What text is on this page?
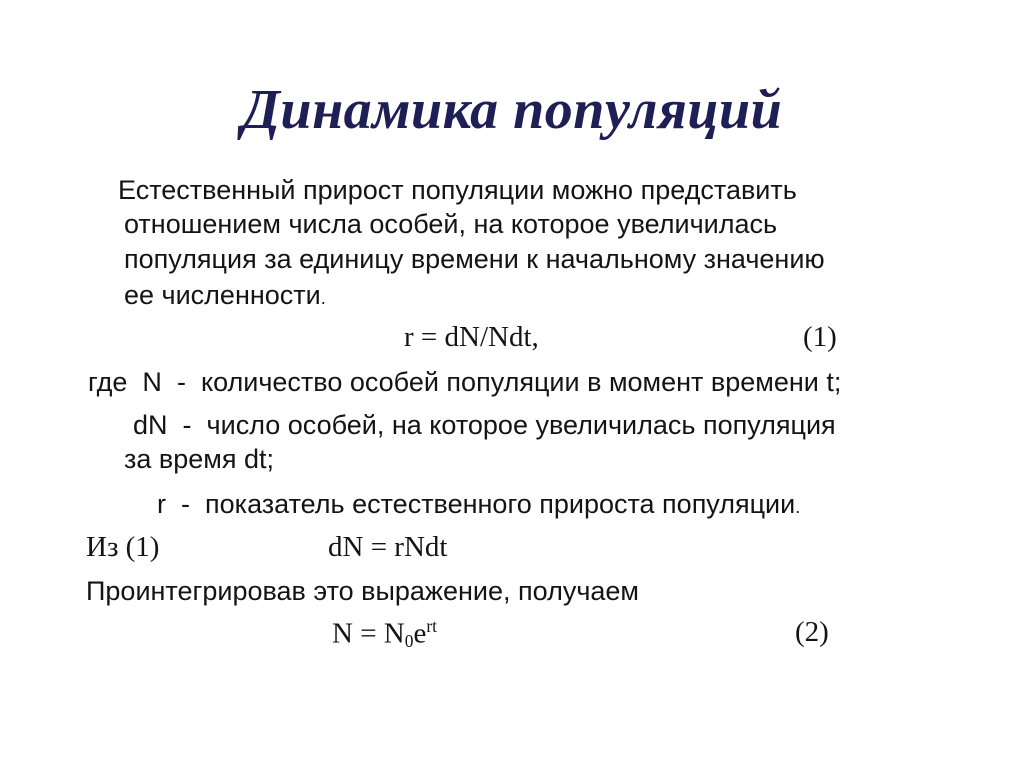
Динамика популяций
Естественный прирост популяции можно представить
отношением числа особей, на которое увеличилась
популяция за единицу времени к начальному значению
ее численности.
r = dN/Ndt,	(1)
где N - количество особей популяции в момент времени t;
dN - число особей, на которое увеличилась популяция
за время dt;
r - показатель естественного прироста популяции.
Из (1)	dN = rNdt
Проинтегрировав это выражение, получаем
$N = N_0e^{rt}$	(2)
